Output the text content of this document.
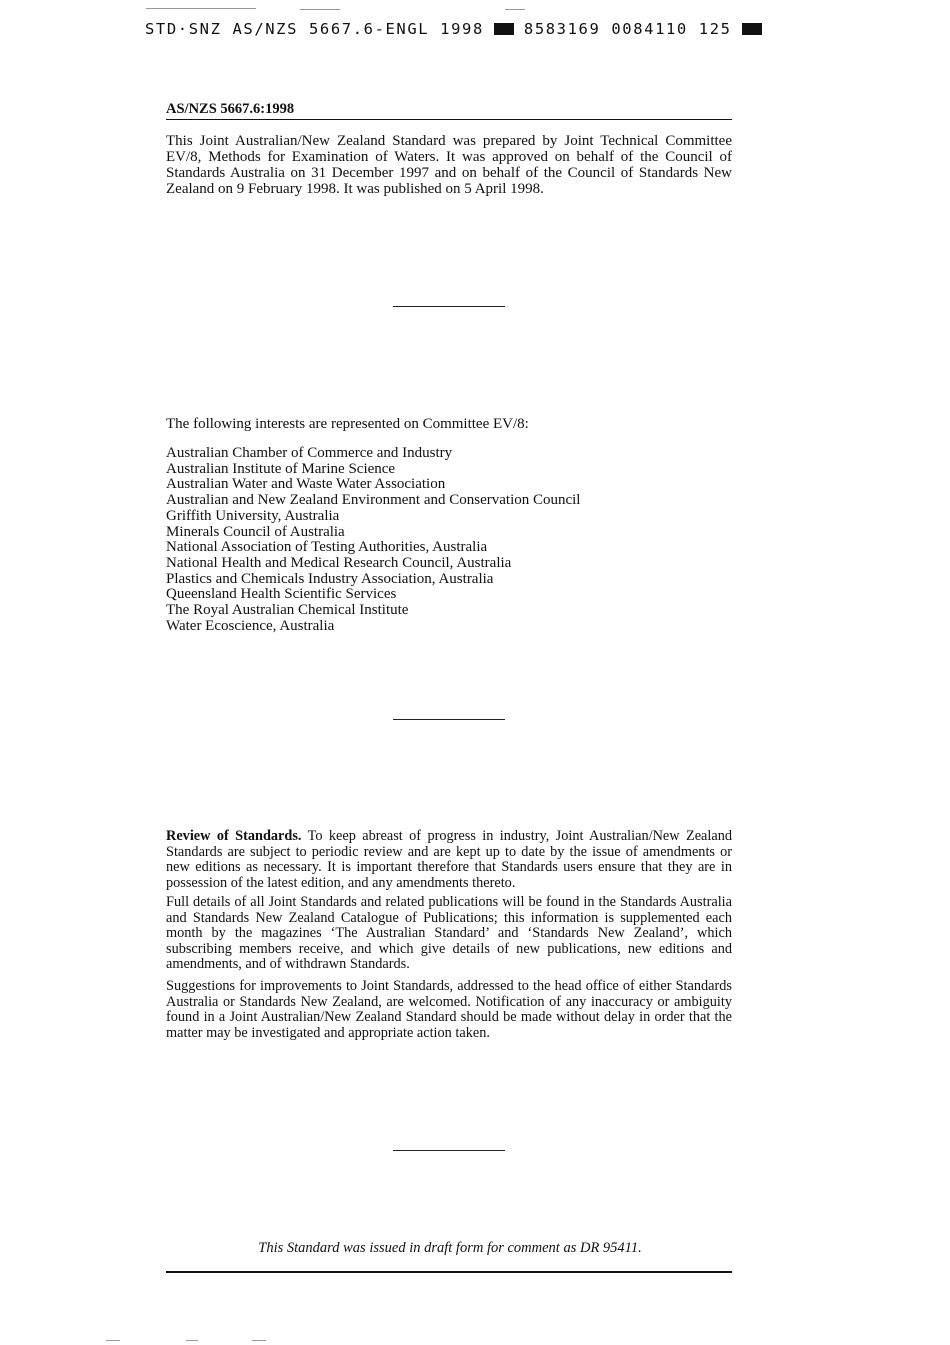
STD·SNZ AS/NZS 5667.6-ENGL 1998	8583169 0084110 125
AS/NZS 5667.6:1998

This Joint Australian/New Zealand Standard was prepared by Joint Technical Committee EV/8, Methods for Examination of Waters. It was approved on behalf of the Council of Standards Australia on 31 December 1997 and on behalf of the Council of Standards New Zealand on 9 February 1998. It was published on 5 April 1998.

The following interests are represented on Committee EV/8:
Australian Chamber of Commerce and Industry
Australian Institute of Marine Science
Australian Water and Waste Water Association
Australian and New Zealand Environment and Conservation Council
Griffith University, Australia
Minerals Council of Australia
National Association of Testing Authorities, Australia
National Health and Medical Research Council, Australia
Plastics and Chemicals Industry Association, Australia
Queensland Health Scientific Services
The Royal Australian Chemical Institute
Water Ecoscience, Australia

Review of Standards. To keep abreast of progress in industry, Joint Australian/New Zealand Standards are subject to periodic review and are kept up to date by the issue of amendments or new editions as necessary. It is important therefore that Standards users ensure that they are in possession of the latest edition, and any amendments thereto.

Full details of all Joint Standards and related publications will be found in the Standards Australia and Standards New Zealand Catalogue of Publications; this information is supplemented each month by the magazines ‘The Australian Standard’ and ‘Standards New Zealand’, which subscribing members receive, and which give details of new publications, new editions and amendments, and of withdrawn Standards.

Suggestions for improvements to Joint Standards, addressed to the head office of either Standards Australia or Standards New Zealand, are welcomed. Notification of any inaccuracy or ambiguity found in a Joint Australian/New Zealand Standard should be made without delay in order that the matter may be investigated and appropriate action taken.

This Standard was issued in draft form for comment as DR 95411.
